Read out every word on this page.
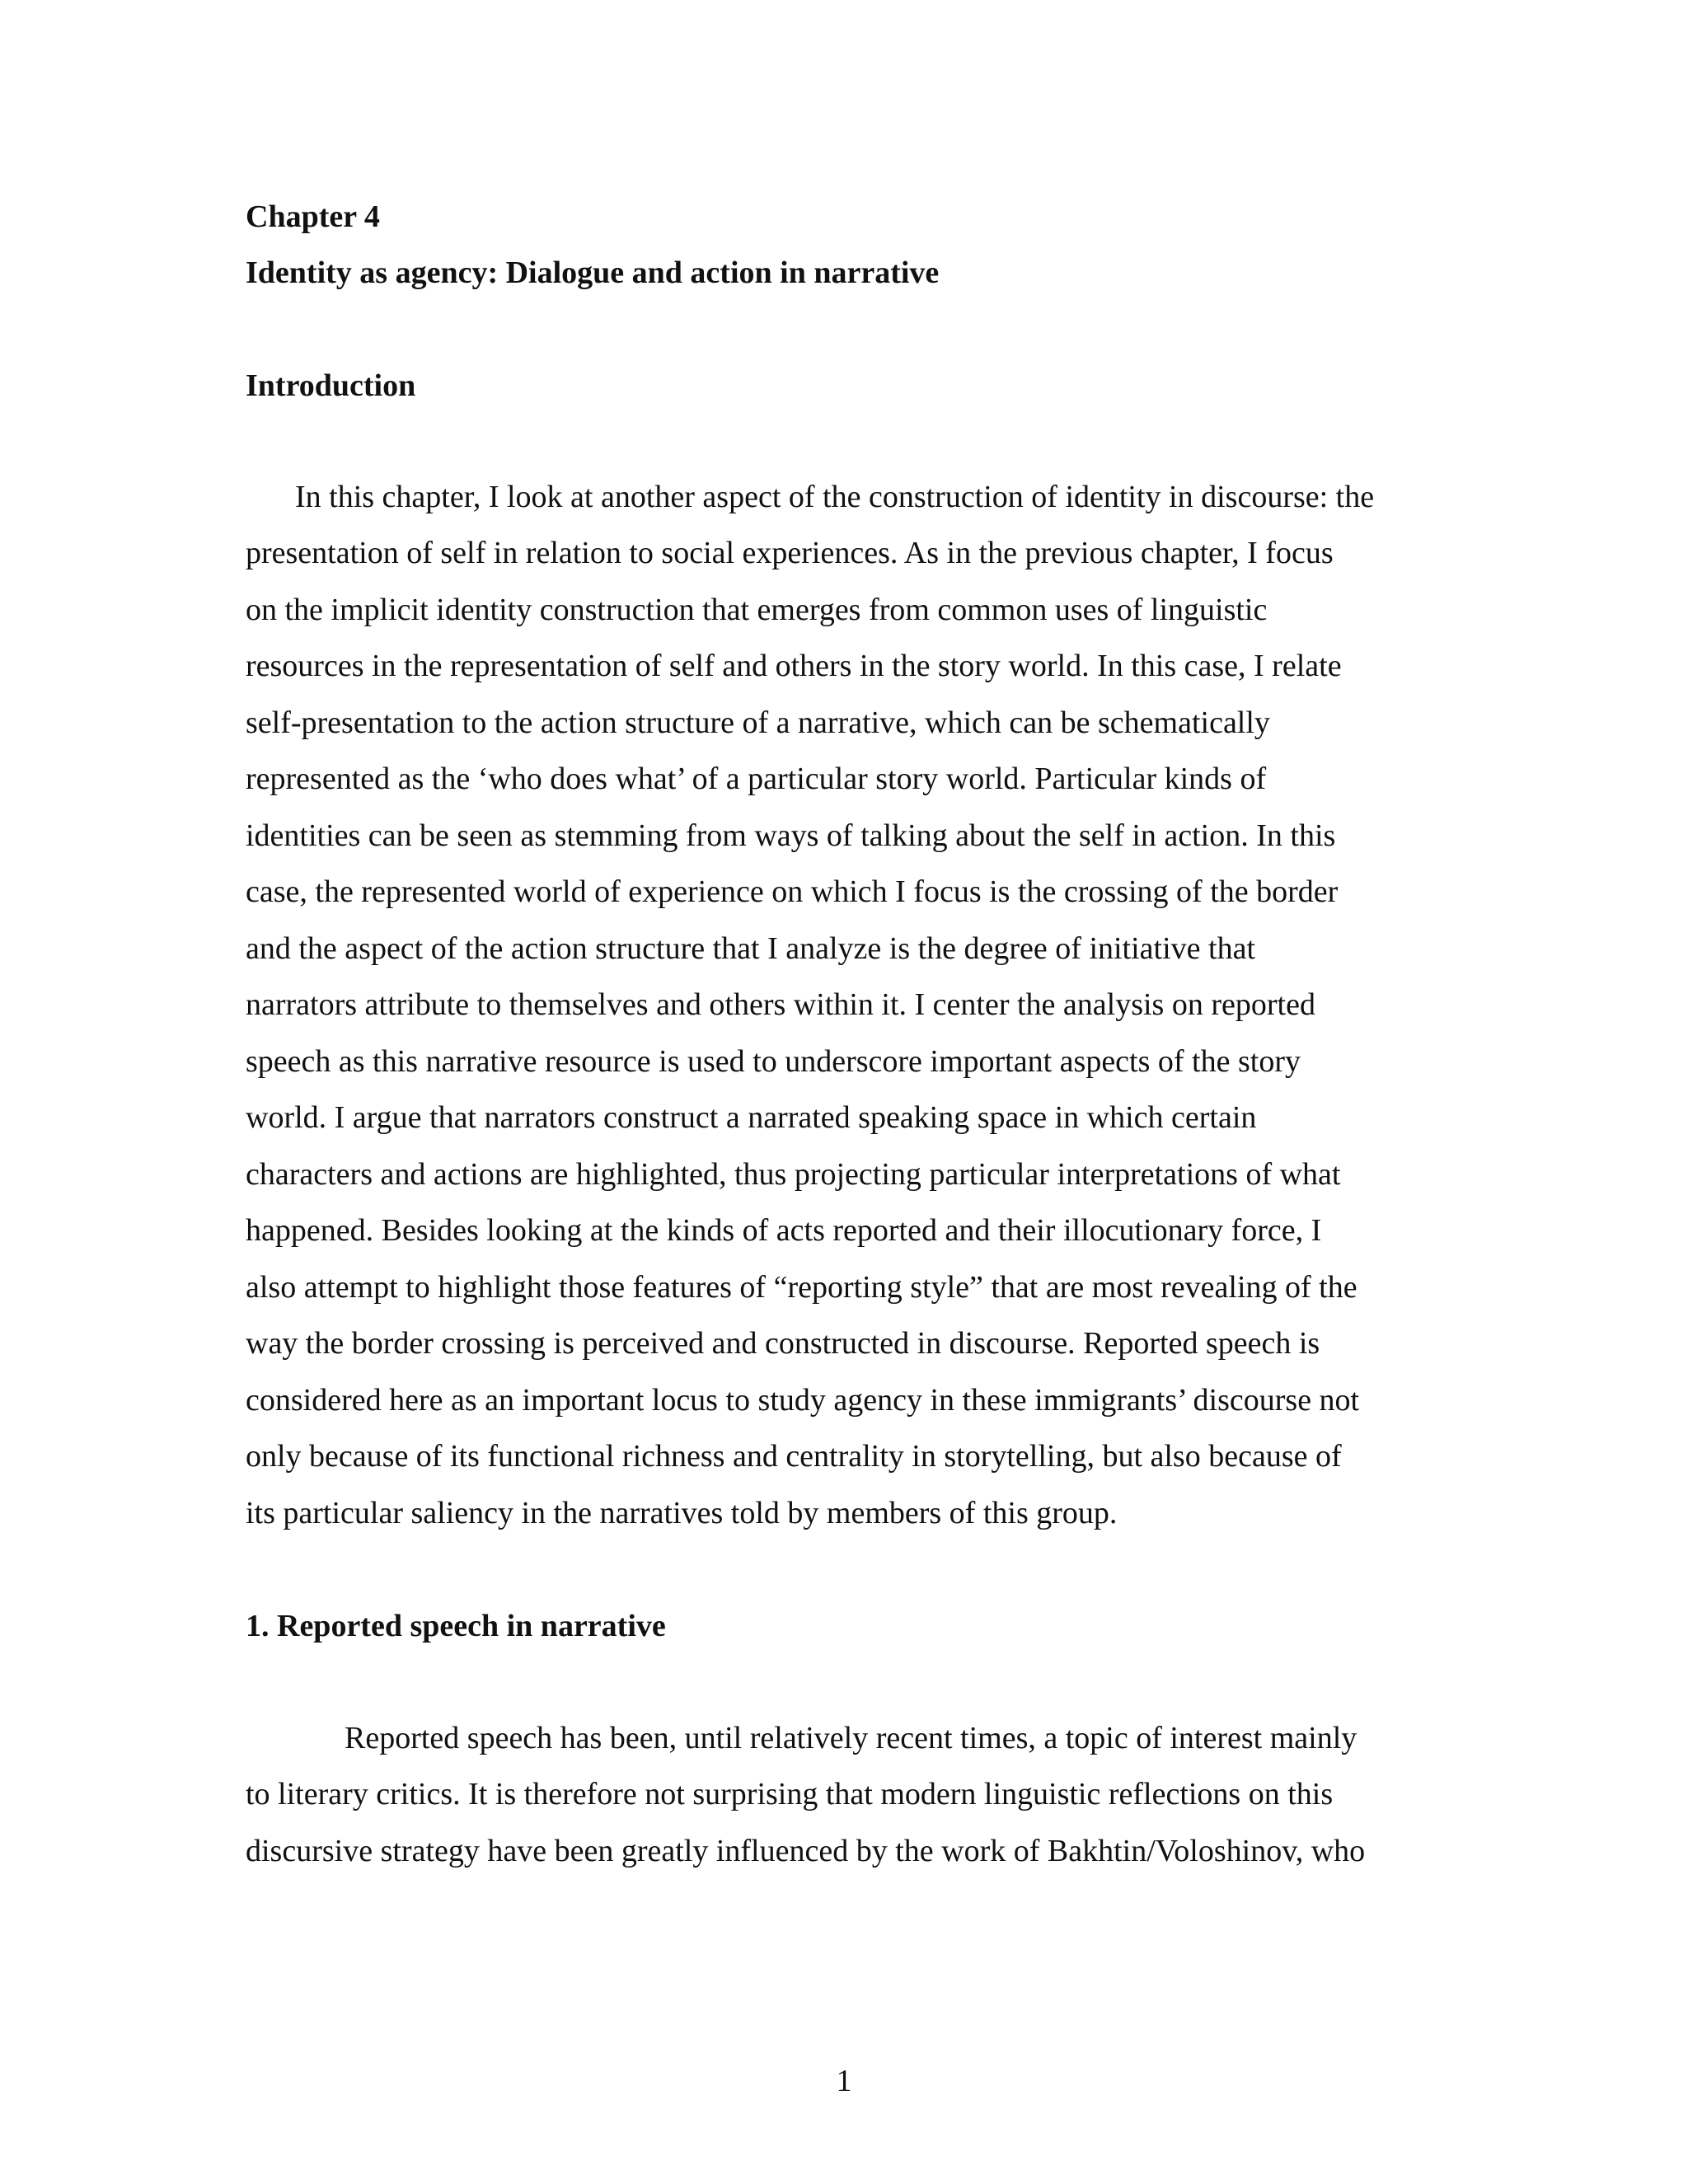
Chapter 4
Identity as agency: Dialogue and action in narrative
Introduction

In this chapter, I look at another aspect of the construction of identity in discourse: the

presentation of self in relation to social experiences. As in the previous chapter, I focus

on the implicit identity construction that emerges from common uses of linguistic

resources in the representation of self and others in the story world. In this case, I relate

self-presentation to the action structure of a narrative, which can be schematically

represented as the ‘who does what’ of a particular story world. Particular kinds of

identities can be seen as stemming from ways of talking about the self in action. In this

case, the represented world of experience on which I focus is the crossing of the border

and the aspect of the action structure that I analyze is the degree of initiative that

narrators attribute to themselves and others within it. I center the analysis on reported

speech as this narrative resource is used to underscore important aspects of the story

world. I argue that narrators construct a narrated speaking space in which certain

characters and actions are highlighted, thus projecting particular interpretations of what

happened. Besides looking at the kinds of acts reported and their illocutionary force, I

also attempt to highlight those features of “reporting style” that are most revealing of the

way the border crossing is perceived and constructed in discourse. Reported speech is

considered here as an important locus to study agency in these immigrants’ discourse not

only because of its functional richness and centrality in storytelling, but also because of

its particular saliency in the narratives told by members of this group.

1. Reported speech in narrative

Reported speech has been, until relatively recent times, a topic of interest mainly

to literary critics. It is therefore not surprising that modern linguistic reflections on this

discursive strategy have been greatly influenced by the work of Bakhtin/Voloshinov, who

1
